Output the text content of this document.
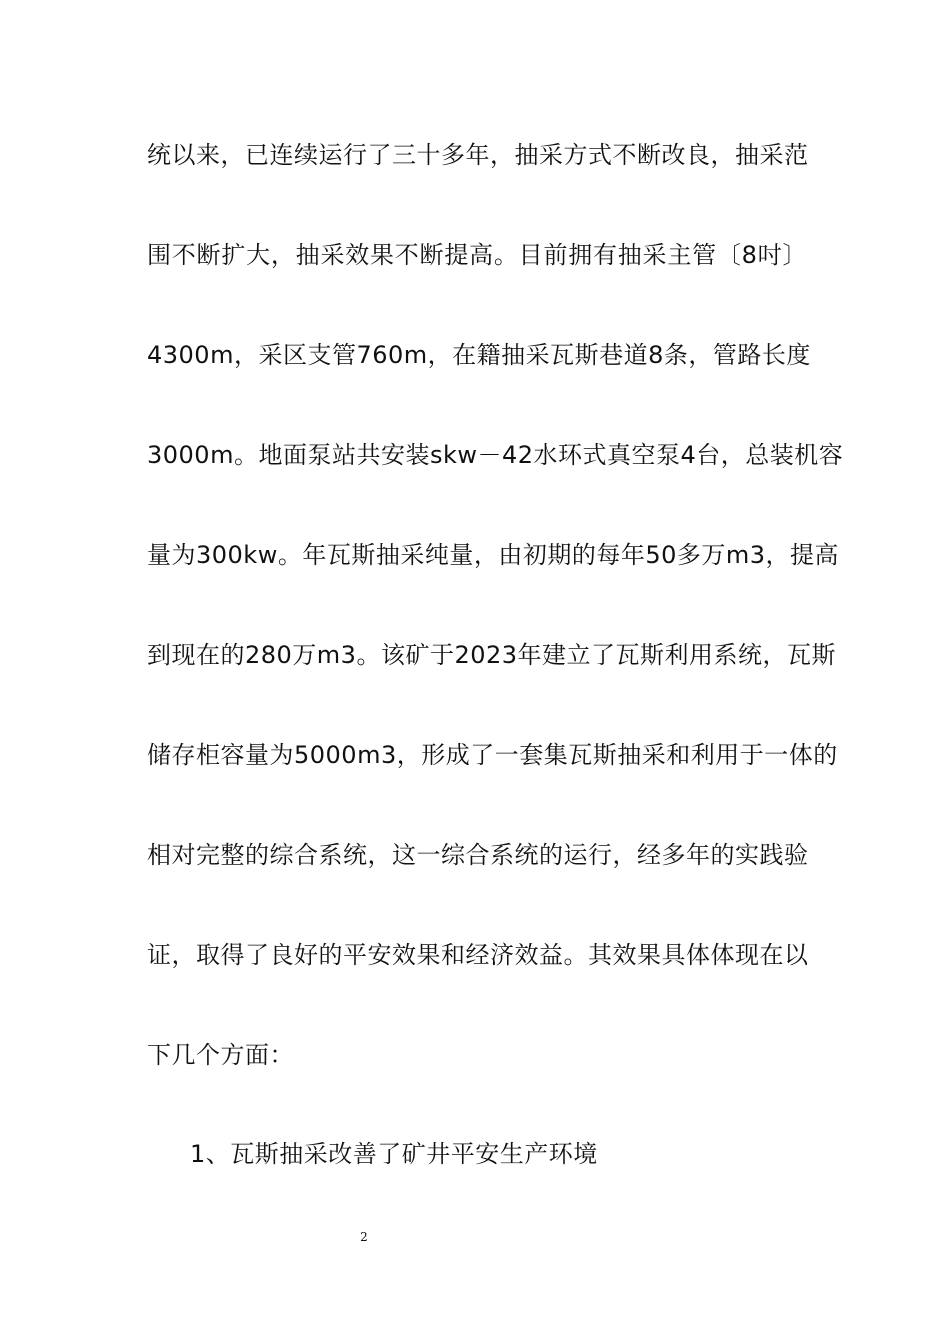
统以来，已连续运行了三十多年，抽采方式不断改良，抽采范
围不断扩大，抽采效果不断提高。目前拥有抽采主管〔8吋〕
4300m，采区支管760m，在籍抽采瓦斯巷道8条，管路长度
3000m。地面泵站共安装skw－42水环式真空泵4台，总装机容
量为300kw。年瓦斯抽采纯量，由初期的每年50多万m3，提高
到现在的280万m3。该矿于2023年建立了瓦斯利用系统，瓦斯
储存柜容量为5000m3，形成了一套集瓦斯抽采和利用于一体的
相对完整的综合系统，这一综合系统的运行，经多年的实践验
证，取得了良好的平安效果和经济效益。其效果具体体现在以
下几个方面：
1、瓦斯抽采改善了矿井平安生产环境
2
